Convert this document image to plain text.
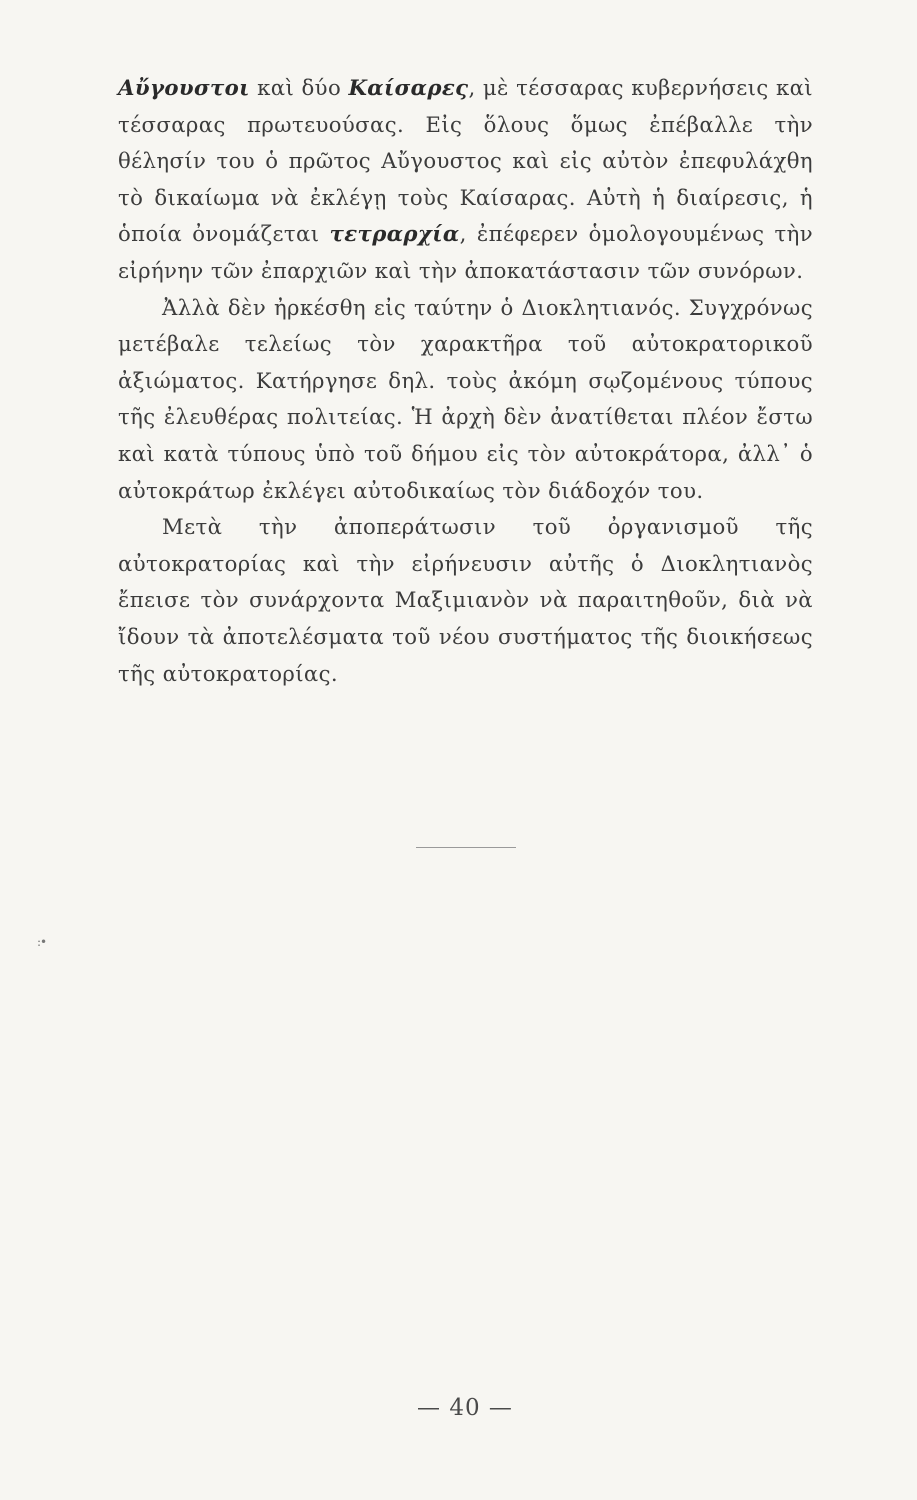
Αὔγουστοι καὶ δύο Καίσαρες, μὲ τέσσαρας κυβερνήσεις καὶ τέσσαρας πρωτευούσας. Εἰς ὅλους ὅμως ἐπέβαλλε τὴν θέλησίν του ὁ πρῶτος Αὔγουστος καὶ εἰς αὐτὸν ἐπεφυλάχθη τὸ δικαίωμα νὰ ἐκλέγῃ τοὺς Καίσαρας. Αὐτὴ ἡ διαίρεσις, ἡ ὁποία ὀνομάζεται τετραρχία, ἐπέφερεν ὁμολογουμένως τὴν εἰρήνην τῶν ἐπαρχιῶν καὶ τὴν ἀποκατάστασιν τῶν συνόρων.

Ἀλλὰ δὲν ἠρκέσθη εἰς ταύτην ὁ Διοκλητιανός. Συγχρόνως μετέβαλε τελείως τὸν χαρακτῆρα τοῦ αὐτοκρατορικοῦ ἀξιώματος. Κατήργησε δηλ. τοὺς ἀκόμη σῳζομένους τύπους τῆς ἐλευθέρας πολιτείας. Ἡ ἀρχὴ δὲν ἀνατίθεται πλέον ἔστω καὶ κατὰ τύπους ὑπὸ τοῦ δήμου εἰς τὸν αὐτοκράτορα, ἀλλ᾽ ὁ αὐτοκράτωρ ἐκλέγει αὐτοδικαίως τὸν διάδοχόν του.

Μετὰ τὴν ἀποπεράτωσιν τοῦ ὀργανισμοῦ τῆς αὐτοκρατορίας καὶ τὴν εἰρήνευσιν αὐτῆς ὁ Διοκλητιανὸς ἔπεισε τὸν συνάρχοντα Μαξιμιανὸν νὰ παραιτηθοῦν, διὰ νὰ ἴδουν τὰ ἀποτελέσματα τοῦ νέου συστήματος τῆς διοικήσεως τῆς αὐτοκρατορίας.

:•
— 40 —
